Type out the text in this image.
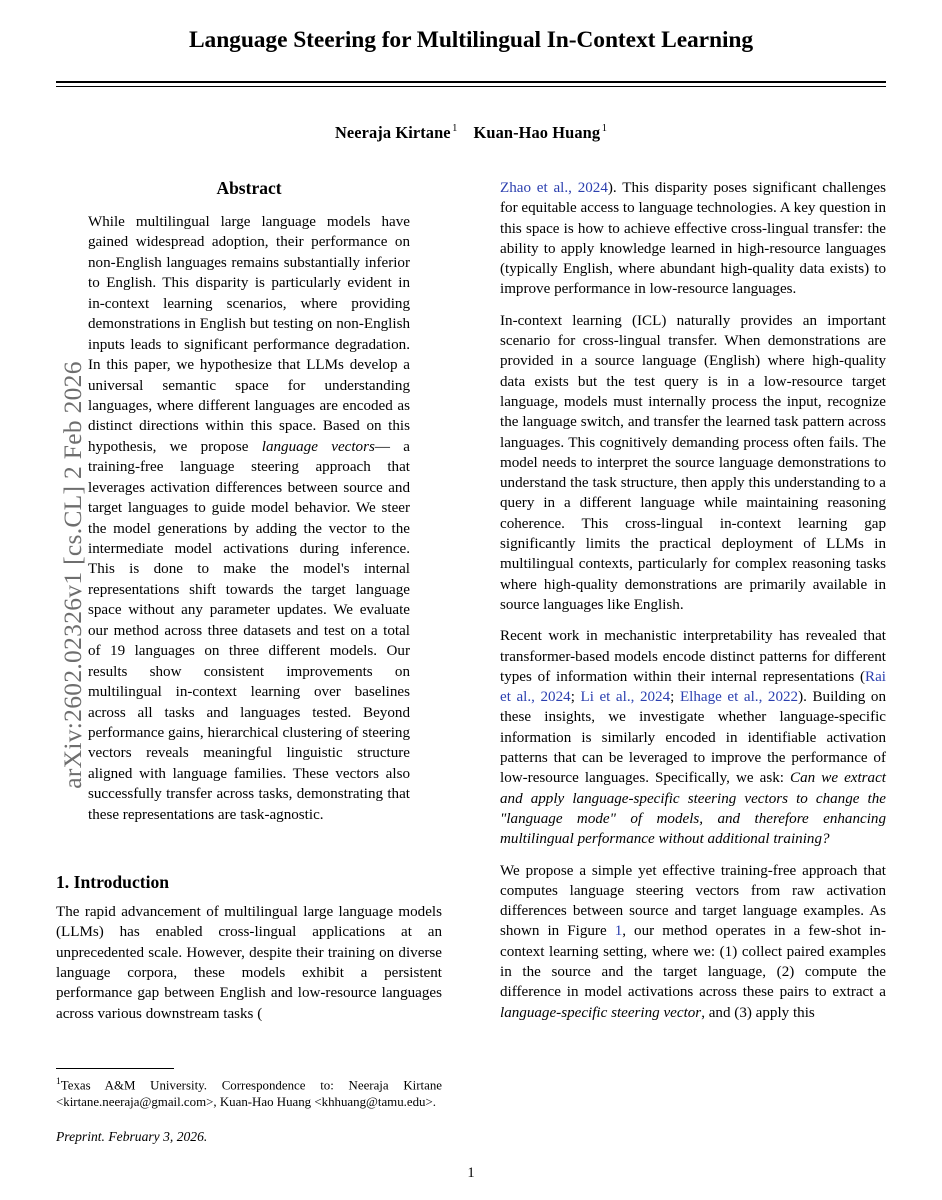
arXiv:2602.02326v1 [cs.CL] 2 Feb 2026
Language Steering for Multilingual In-Context Learning
Neeraja Kirtane $^1$ Kuan-Hao Huang $^1$
Abstract

While multilingual large language models have gained widespread adoption, their performance on non-English languages remains substantially inferior to English. This disparity is particularly evident in in-context learning scenarios, where providing demonstrations in English but testing on non-English inputs leads to significant performance degradation. In this paper, we hypothesize that LLMs develop a universal semantic space for understanding languages, where different languages are encoded as distinct directions within this space. Based on this hypothesis, we propose language vectors— a training-free language steering approach that leverages activation differences between source and target languages to guide model behavior. We steer the model generations by adding the vector to the intermediate model activations during inference. This is done to make the model's internal representations shift towards the target language space without any parameter updates. We evaluate our method across three datasets and test on a total of 19 languages on three different models. Our results show consistent improvements on multilingual in-context learning over baselines across all tasks and languages tested. Beyond performance gains, hierarchical clustering of steering vectors reveals meaningful linguistic structure aligned with language families. These vectors also successfully transfer across tasks, demonstrating that these representations are task-agnostic.

1. Introduction

The rapid advancement of multilingual large language models (LLMs) has enabled cross-lingual applications at an unprecedented scale. However, despite their training on diverse language corpora, these models exhibit a persistent performance gap between English and low-resource languages across various downstream tasks (

$^1$Texas A&M University. Correspondence to: Neeraja Kirtane <kirtane.neeraja@gmail.com>, Kuan-Hao Huang <khhuang@tamu.edu>.

Preprint. February 3, 2026.

Zhao et al., 2024). This disparity poses significant challenges for equitable access to language technologies. A key question in this space is how to achieve effective cross-lingual transfer: the ability to apply knowledge learned in high-resource languages (typically English, where abundant high-quality data exists) to improve performance in low-resource languages.

In-context learning (ICL) naturally provides an important scenario for cross-lingual transfer. When demonstrations are provided in a source language (English) where high-quality data exists but the test query is in a low-resource target language, models must internally process the input, recognize the language switch, and transfer the learned task pattern across languages. This cognitively demanding process often fails. The model needs to interpret the source language demonstrations to understand the task structure, then apply this understanding to a query in a different language while maintaining reasoning coherence. This cross-lingual in-context learning gap significantly limits the practical deployment of LLMs in multilingual contexts, particularly for complex reasoning tasks where high-quality demonstrations are primarily available in source languages like English.

Recent work in mechanistic interpretability has revealed that transformer-based models encode distinct patterns for different types of information within their internal representations (Rai et al., 2024; Li et al., 2024; Elhage et al., 2022). Building on these insights, we investigate whether language-specific information is similarly encoded in identifiable activation patterns that can be leveraged to improve the performance of low-resource languages. Specifically, we ask: Can we extract and apply language-specific steering vectors to change the "language mode" of models, and therefore enhancing multilingual performance without additional training?

We propose a simple yet effective training-free approach that computes language steering vectors from raw activation differences between source and target language examples. As shown in Figure 1, our method operates in a few-shot in-context learning setting, where we: (1) collect paired examples in the source and the target language, (2) compute the difference in model activations across these pairs to extract a language-specific steering vector, and (3) apply this

1
